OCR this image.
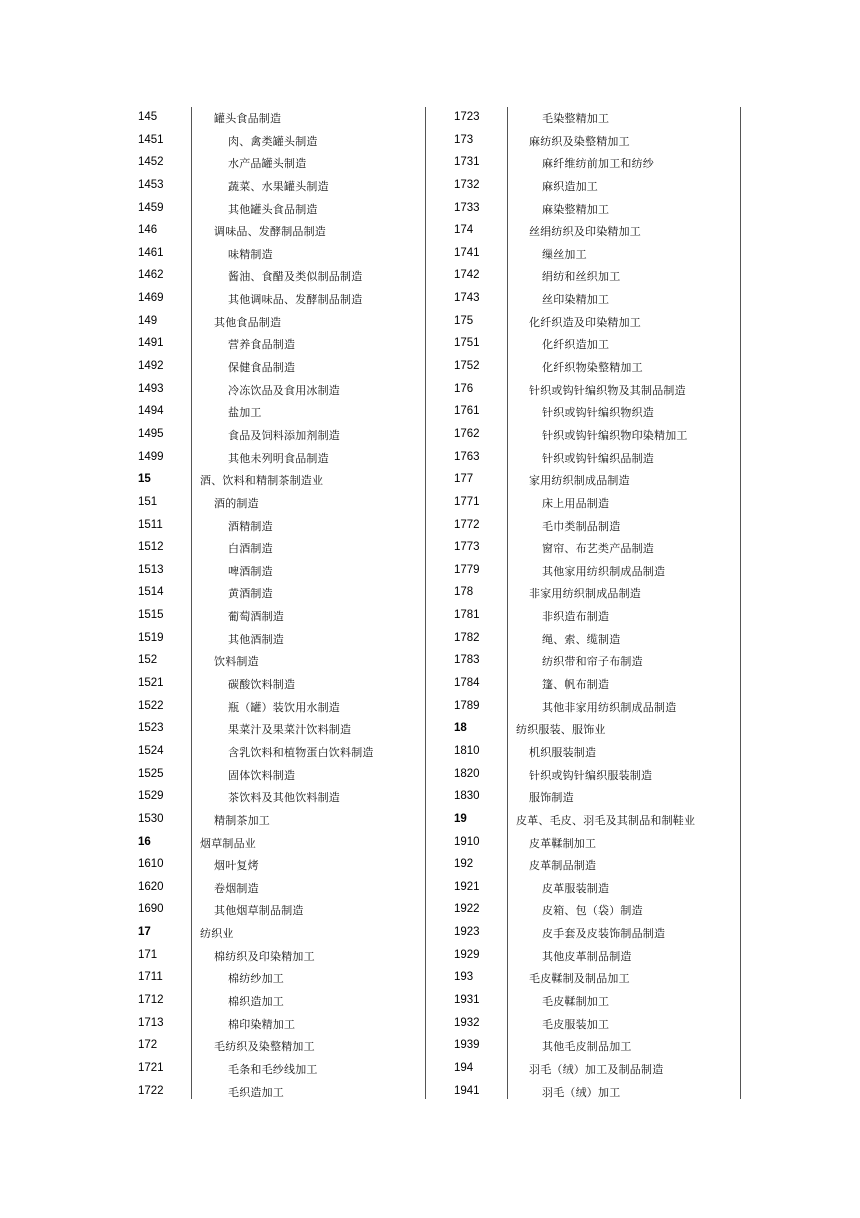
145	罐头食品制造
1451	肉、禽类罐头制造
1452	水产品罐头制造
1453	蔬菜、水果罐头制造
1459	其他罐头食品制造
146	调味品、发酵制品制造
1461	味精制造
1462	酱油、食醋及类似制品制造
1469	其他调味品、发酵制品制造
149	其他食品制造
1491	营养食品制造
1492	保健食品制造
1493	冷冻饮品及食用冰制造
1494	盐加工
1495	食品及饲料添加剂制造
1499	其他未列明食品制造
15	酒、饮料和精制茶制造业
151	酒的制造
1511	酒精制造
1512	白酒制造
1513	啤酒制造
1514	黄酒制造
1515	葡萄酒制造
1519	其他酒制造
152	饮料制造
1521	碳酸饮料制造
1522	瓶（罐）装饮用水制造
1523	果菜汁及果菜汁饮料制造
1524	含乳饮料和植物蛋白饮料制造
1525	固体饮料制造
1529	茶饮料及其他饮料制造
1530	精制茶加工
16	烟草制品业
1610	烟叶复烤
1620	卷烟制造
1690	其他烟草制品制造
17	纺织业
171	棉纺织及印染精加工
1711	棉纺纱加工
1712	棉织造加工
1713	棉印染精加工
172	毛纺织及染整精加工
1721	毛条和毛纱线加工
1722	毛织造加工
1723	毛染整精加工
173	麻纺织及染整精加工
1731	麻纤维纺前加工和纺纱
1732	麻织造加工
1733	麻染整精加工
174	丝绢纺织及印染精加工
1741	缫丝加工
1742	绢纺和丝织加工
1743	丝印染精加工
175	化纤织造及印染精加工
1751	化纤织造加工
1752	化纤织物染整精加工
176	针织或钩针编织物及其制品制造
1761	针织或钩针编织物织造
1762	针织或钩针编织物印染精加工
1763	针织或钩针编织品制造
177	家用纺织制成品制造
1771	床上用品制造
1772	毛巾类制品制造
1773	窗帘、布艺类产品制造
1779	其他家用纺织制成品制造
178	非家用纺织制成品制造
1781	非织造布制造
1782	绳、索、缆制造
1783	纺织带和帘子布制造
1784	篷、帆布制造
1789	其他非家用纺织制成品制造
18	纺织服装、服饰业
1810	机织服装制造
1820	针织或钩针编织服装制造
1830	服饰制造
19	皮革、毛皮、羽毛及其制品和制鞋业
1910	皮革鞣制加工
192	皮革制品制造
1921	皮革服装制造
1922	皮箱、包（袋）制造
1923	皮手套及皮装饰制品制造
1929	其他皮革制品制造
193	毛皮鞣制及制品加工
1931	毛皮鞣制加工
1932	毛皮服装加工
1939	其他毛皮制品加工
194	羽毛（绒）加工及制品制造
1941	羽毛（绒）加工
